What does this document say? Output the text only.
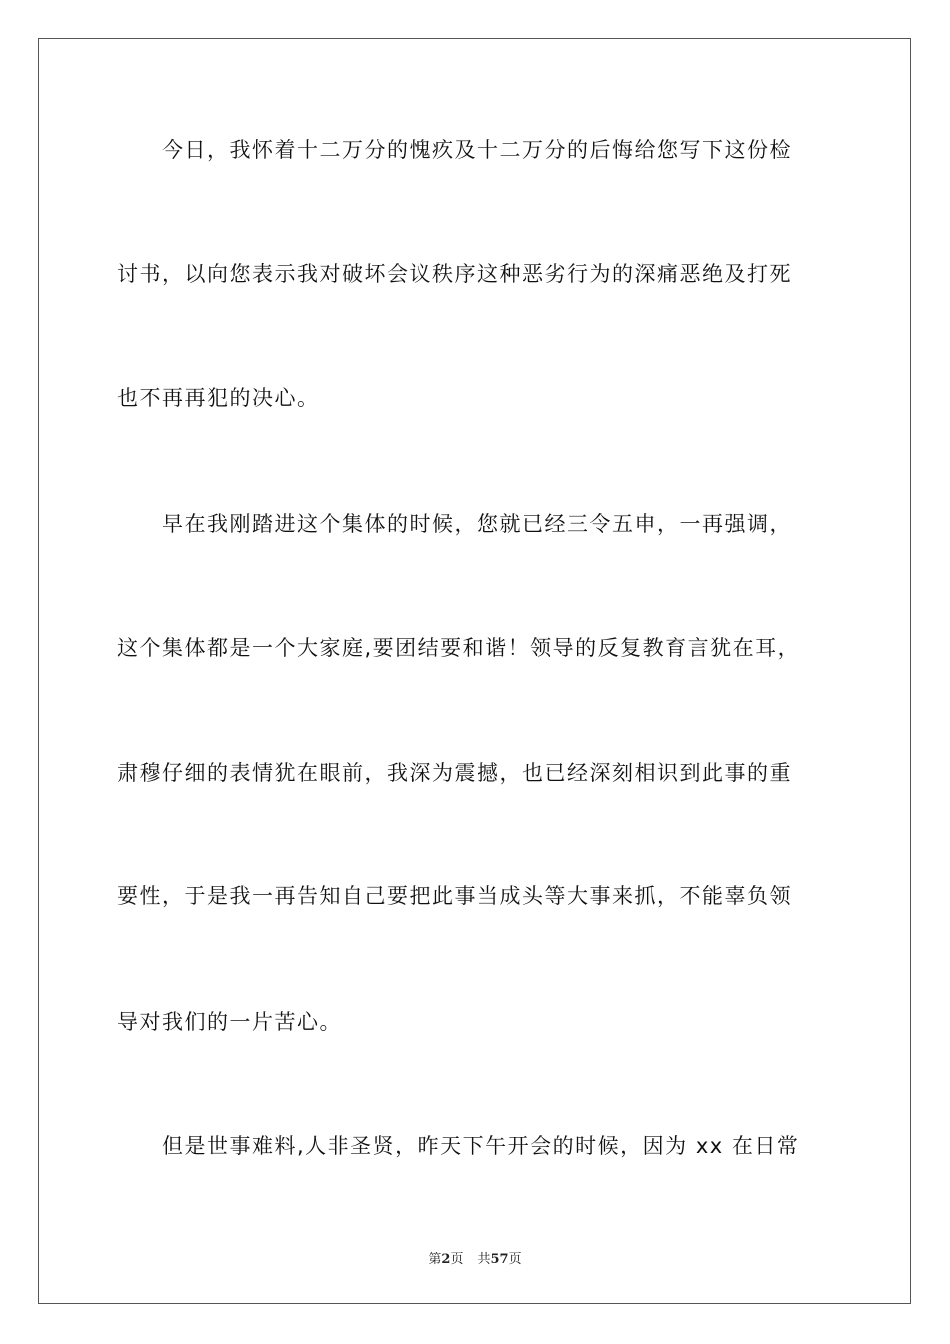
　　今日，我怀着十二万分的愧疚及十二万分的后悔给您写下这份检
讨书，以向您表示我对破坏会议秩序这种恶劣行为的深痛恶绝及打死
也不再再犯的决心。
　　早在我刚踏进这个集体的时候，您就已经三令五申，一再强调，
这个集体都是一个大家庭,要团结要和谐！领导的反复教育言犹在耳，
肃穆仔细的表情犹在眼前，我深为震撼，也已经深刻相识到此事的重
要性，于是我一再告知自己要把此事当成头等大事来抓，不能辜负领
导对我们的一片苦心。
　　但是世事难料,人非圣贤，昨天下午开会的时候，因为 xx 在日常
第2页 共57页
